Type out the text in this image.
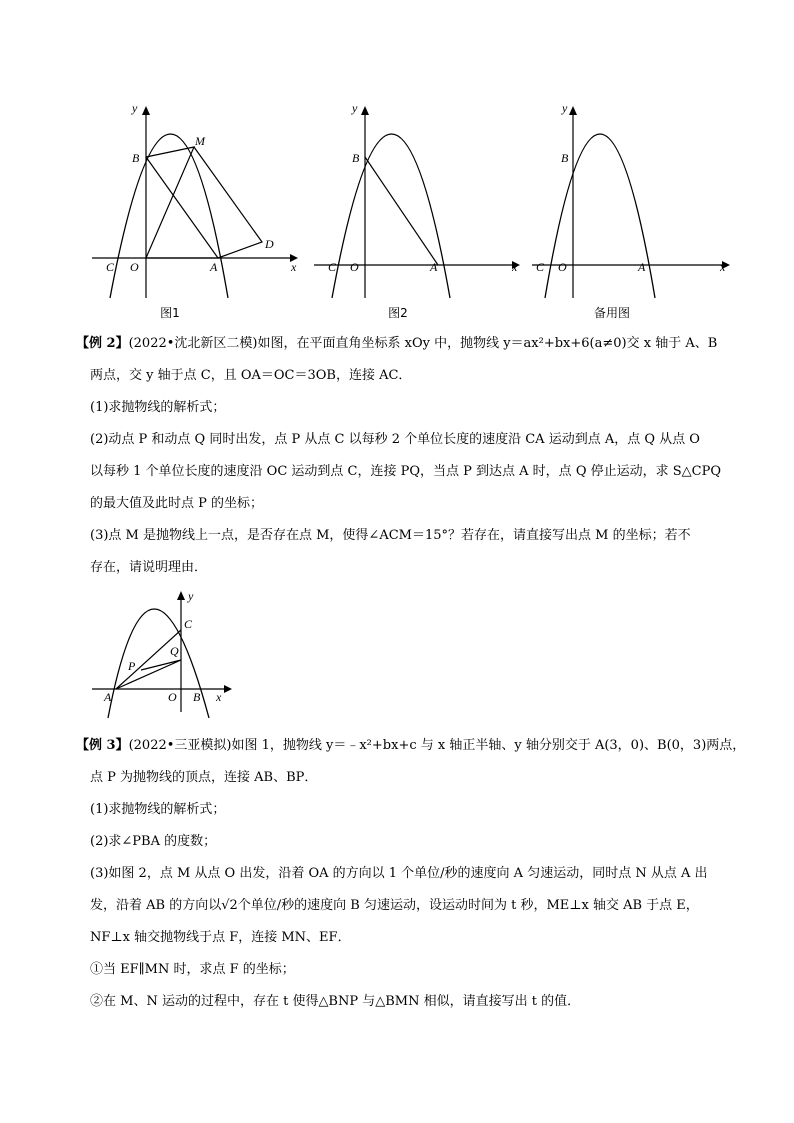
y
B
M
D
C O	A	x
y
B
C O	A	x
y
B
C O	A	x
图1	图2	备用图
【例 2】(2022•沈北新区二模)如图，在平面直角坐标系 xOy 中，抛物线 y＝ax²+bx+6(a≠0)交 x 轴于 A、B
两点，交 y 轴于点 C，且 OA＝OC＝3OB，连接 AC．
(1)求抛物线的解析式；
(2)动点 P 和动点 Q 同时出发，点 P 从点 C 以每秒 2 个单位长度的速度沿 CA 运动到点 A，点 Q 从点 O
以每秒 1 个单位长度的速度沿 OC 运动到点 C，连接 PQ，当点 P 到达点 A 时，点 Q 停止运动，求 S△CPQ
的最大值及此时点 P 的坐标；
(3)点 M 是抛物线上一点，是否存在点 M，使得∠ACM＝15°？若存在，请直接写出点 M 的坐标；若不
存在，请说明理由．
y
C
Q
P
A	O B x
【例 3】(2022•三亚模拟)如图 1，抛物线 y＝﹣x²+bx+c 与 x 轴正半轴、y 轴分别交于 A(3，0)、B(0，3)两点，
点 P 为抛物线的顶点，连接 AB、BP．
(1)求抛物线的解析式；
(2)求∠PBA 的度数；
(3)如图 2，点 M 从点 O 出发，沿着 OA 的方向以 1 个单位/秒的速度向 A 匀速运动，同时点 N 从点 A 出
发，沿着 AB 的方向以√2个单位/秒的速度向 B 匀速运动，设运动时间为 t 秒，ME⊥x 轴交 AB 于点 E，
NF⊥x 轴交抛物线于点 F，连接 MN、EF．
①当 EF∥MN 时，求点 F 的坐标；
②在 M、N 运动的过程中，存在 t 使得△BNP 与△BMN 相似，请直接写出 t 的值．
